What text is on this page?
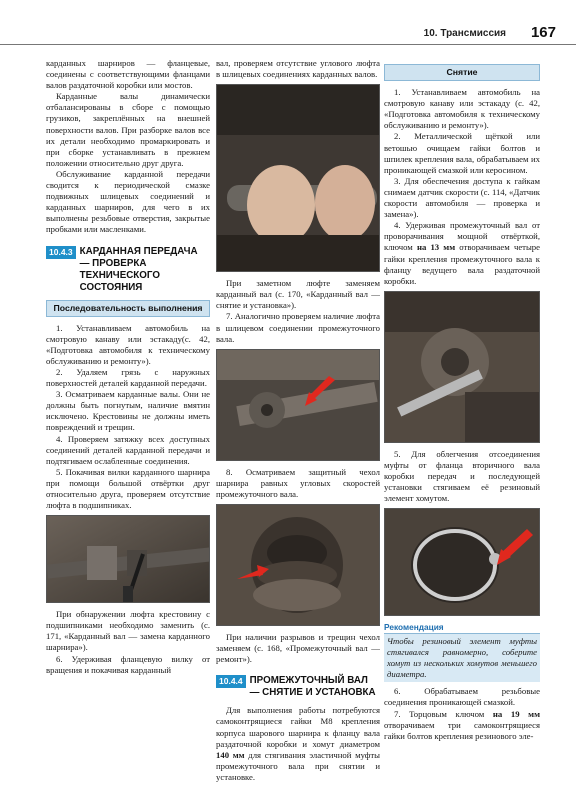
10. Трансмиссия 167

карданных шарниров — фланцевые, соединены с соответствующими фланцами валов раздаточной коробки или мостов.

Карданные валы динамически отбалансированы в сборе с помощью грузиков, закреплённых на внешней поверхности валов. При разборке валов все их детали необходимо промаркировать и при сборке устанавливать в прежнем положении относительно друг друга.

Обслуживание карданной передачи сводится к периодической смазке подвижных шлицевых соединений и карданных шарниров, для чего в их выполнены резьбовые отверстия, закрытые пробками или масленками.

10.4.3 КАРДАННАЯ ПЕРЕДАЧА — ПРОВЕРКА ТЕХНИЧЕСКОГО СОСТОЯНИЯ
Последовательность выполнения

1. Устанавливаем автомобиль на смотровую канаву или эстакаду(с. 42, «Подготовка автомобиля к техническому обслуживанию и ремонту»).

2. Удаляем грязь с наружных поверхностей деталей карданной передачи.

3. Осматриваем карданные валы. Они не должны быть погнутым, наличие вмятин исключено. Крестовины не должны иметь повреждений и трещин.

4. Проверяем затяжку всех доступных соединений деталей карданной передачи и подтягиваем ослабленные соединения.

5. Покачивая вилки карданного шарнира при помощи большой отвёртки друг относительно друга, проверяем отсутствие люфта в подшипниках.

При обнаружении люфта крестовину с подшипниками необходимо заменить (с. 171, «Карданный вал — замена карданного шарнира»).

6. Удерживая фланцевую вилку от вращения и покачивая карданный

вал, проверяем отсутствие углового люфта в шлицевых соединениях карданных валов.

При заметном люфте заменяем карданный вал (с. 170, «Карданный вал — снятие и установка»).

7. Аналогично проверяем наличие люфта в шлицевом соединении промежуточного вала.

8. Осматриваем защитный чехол шарнира равных угловых скоростей промежуточного вала.

При наличии разрывов и трещин чехол заменяем (с. 168, «Промежуточный вал — ремонт»).

10.4.4 ПРОМЕЖУТОЧНЫЙ ВАЛ — СНЯТИЕ И УСТАНОВКА

Для выполнения работы потребуются самоконтрящиеся гайки М8 крепления корпуса шарового шарнира к фланцу вала раздаточной коробки и хомут диаметром 140 мм для стягивания эластичной муфты промежуточного вала при снятии и установке.

Снятие

1. Устанавливаем автомобиль на смотровую канаву или эстакаду (с. 42, «Подготовка автомобиля к техническому обслуживанию и ремонту»).

2. Металлической щёткой или ветошью очищаем гайки болтов и шпилек крепления вала, обрабатываем их проникающей смазкой или керосином.

3. Для обеспечения доступа к гайкам снимаем датчик скорости (с. 114, «Датчик скорости автомобиля — проверка и замена»).

4. Удерживая промежуточный вал от проворачивания мощной отвёрткой, ключом на 13 мм отворачиваем четыре гайки крепления промежуточного вала к фланцу ведущего вала раздаточной коробки.

5. Для облегчения отсоединения муфты от фланца вторичного вала коробки передач и последующей установки стягиваем её резиновый элемент хомутом.

Рекомендация
Чтобы резиновый элемент муфты стягивался равномерно, соберите хомут из нескольких хомутов меньшего диаметра.

6. Обрабатываем резьбовые соединения проникающей смазкой.

7. Торцовым ключом на 19 мм отворачиваем три самоконтрящиеся гайки болтов крепления резинового эле-
